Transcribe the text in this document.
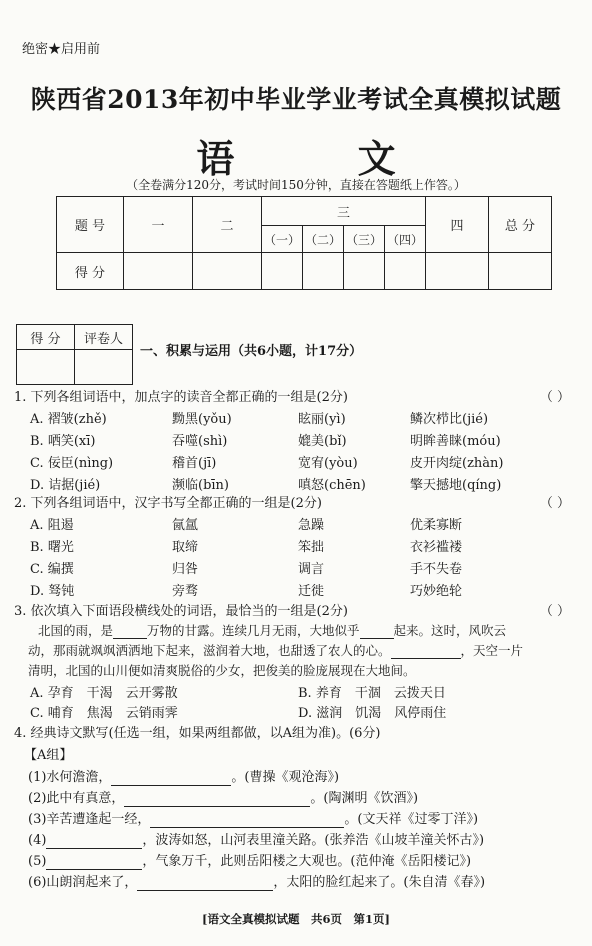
绝密★启用前
陕西省2013年初中毕业学业考试全真模拟试题
语 文
（全卷满分120分，考试时间150分钟，直接在答题纸上作答。）
题 号	一	二	三				四	总 分
			（一）	（二）	（三）	（四）		
得 分								
得 分	评卷人

一、积累与运用（共6小题，计17分）
1. 下列各组词语中，加点字的读音全都正确的一组是(2分)	（ ）
A. 褶皱(zhě)	黝黑(yǒu)	眩丽(yì)	鳞次栉比(jié)
B. 哂笑(xī)	吞噬(shì)	媲美(bǐ)	明眸善睐(móu)
C. 佞臣(nìng)	稽首(jī)	宽宥(yòu)	皮开肉绽(zhàn)
D. 诘据(jié)	濒临(bīn)	嗔怒(chēn)	擎天撼地(qíng)
2. 下列各组词语中，汉字书写全都正确的一组是(2分)	（ ）
A. 阻遏	氤氲	急躁	优柔寡断
B. 曙光	取缔	笨拙	衣衫褴褛
C. 编撰	归咎	调言	手不失卷
D. 驽钝	旁骛	迁徙	巧妙绝轮
3. 依次填入下面语段横线处的词语，最恰当的一组是(2分)	（ ）
北国的雨，是	万物的甘露。连续几月无雨，大地似乎	起来。这时，风吹云
动，那雨就飒飒洒洒地下起来，滋润着大地，也甜透了农人的心。	，天空一片
清明，北国的山川便如清爽脱俗的少女，把俊美的脸庞展现在大地间。
A. 孕育　干渴　云开雾散	B. 养育　干涸　云拨天日
C. 哺育　焦渴　云销雨霁	D. 滋润　饥渴　风停雨住
4. 经典诗文默写(任选一组，如果两组都做，以A组为准)。(6分)
【A组】
(1)水何澹澹，	。(曹操《观沧海》)
(2)此中有真意，	。(陶渊明《饮酒》)
(3)辛苦遭逢起一经，	。(文天祥《过零丁洋》)
(4)	，波涛如怒，山河表里潼关路。(张养浩《山坡羊潼关怀古》)
(5)	，气象万千，此则岳阳楼之大观也。(范仲淹《岳阳楼记》)
(6)山朗润起来了，	，太阳的脸红起来了。(朱自清《春》)
[语文全真模拟试题　共6页　第1页]
